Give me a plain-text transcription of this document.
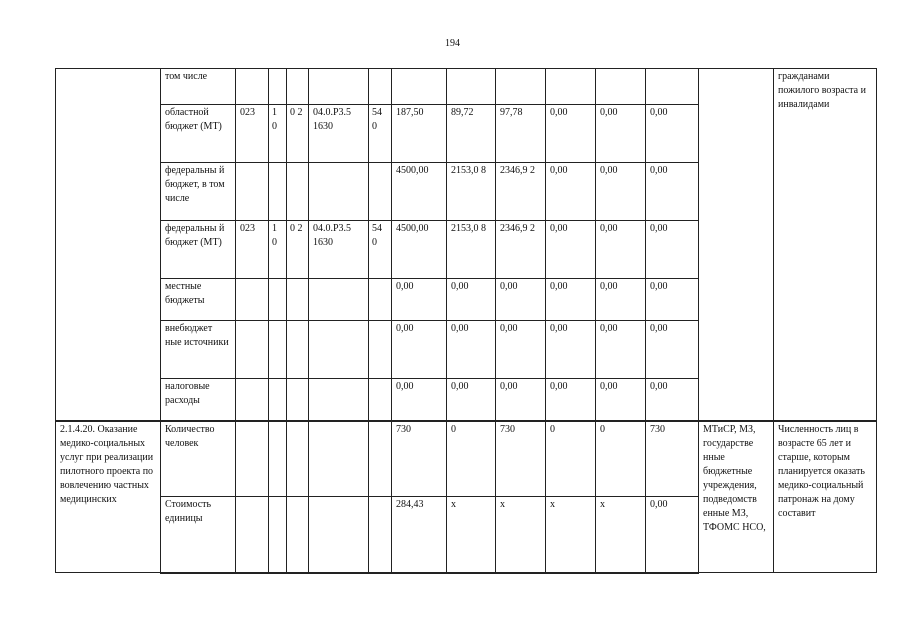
194
	том числе													гражданами пожилого возраста и инвалидами
	областной бюджет (МТ)	023	1 0	0 2	04.0.Р3.5 1630	54 0	187,50	89,72	97,78	0,00	0,00	0,00		
	федеральны й бюджет, в том числе						4500,00	2153,0 8	2346,9 2	0,00	0,00	0,00		
	федеральны й бюджет (МТ)	023	1 0	0 2	04.0.Р3.5 1630	54 0	4500,00	2153,0 8	2346,9 2	0,00	0,00	0,00		
	местные бюджеты						0,00	0,00	0,00	0,00	0,00	0,00		
	внебюджет ные источники						0,00	0,00	0,00	0,00	0,00	0,00		
	налоговые расходы						0,00	0,00	0,00	0,00	0,00	0,00		
2.1.4.20. Оказание медико-социальных услуг при реализации пилотного проекта по вовлечению частных медицинских	Количество человек						730	0	730	0	0	730	МТиСР, МЗ, государстве нные бюджетные учреждения, подведомств енные МЗ, ТФОМС НСО,	Численность лиц в возрасте 65 лет и старше, которым планируется оказать медико-социальный патронаж на дому составит
	Стоимость единицы						284,43	x	x	x	x	0,00		
